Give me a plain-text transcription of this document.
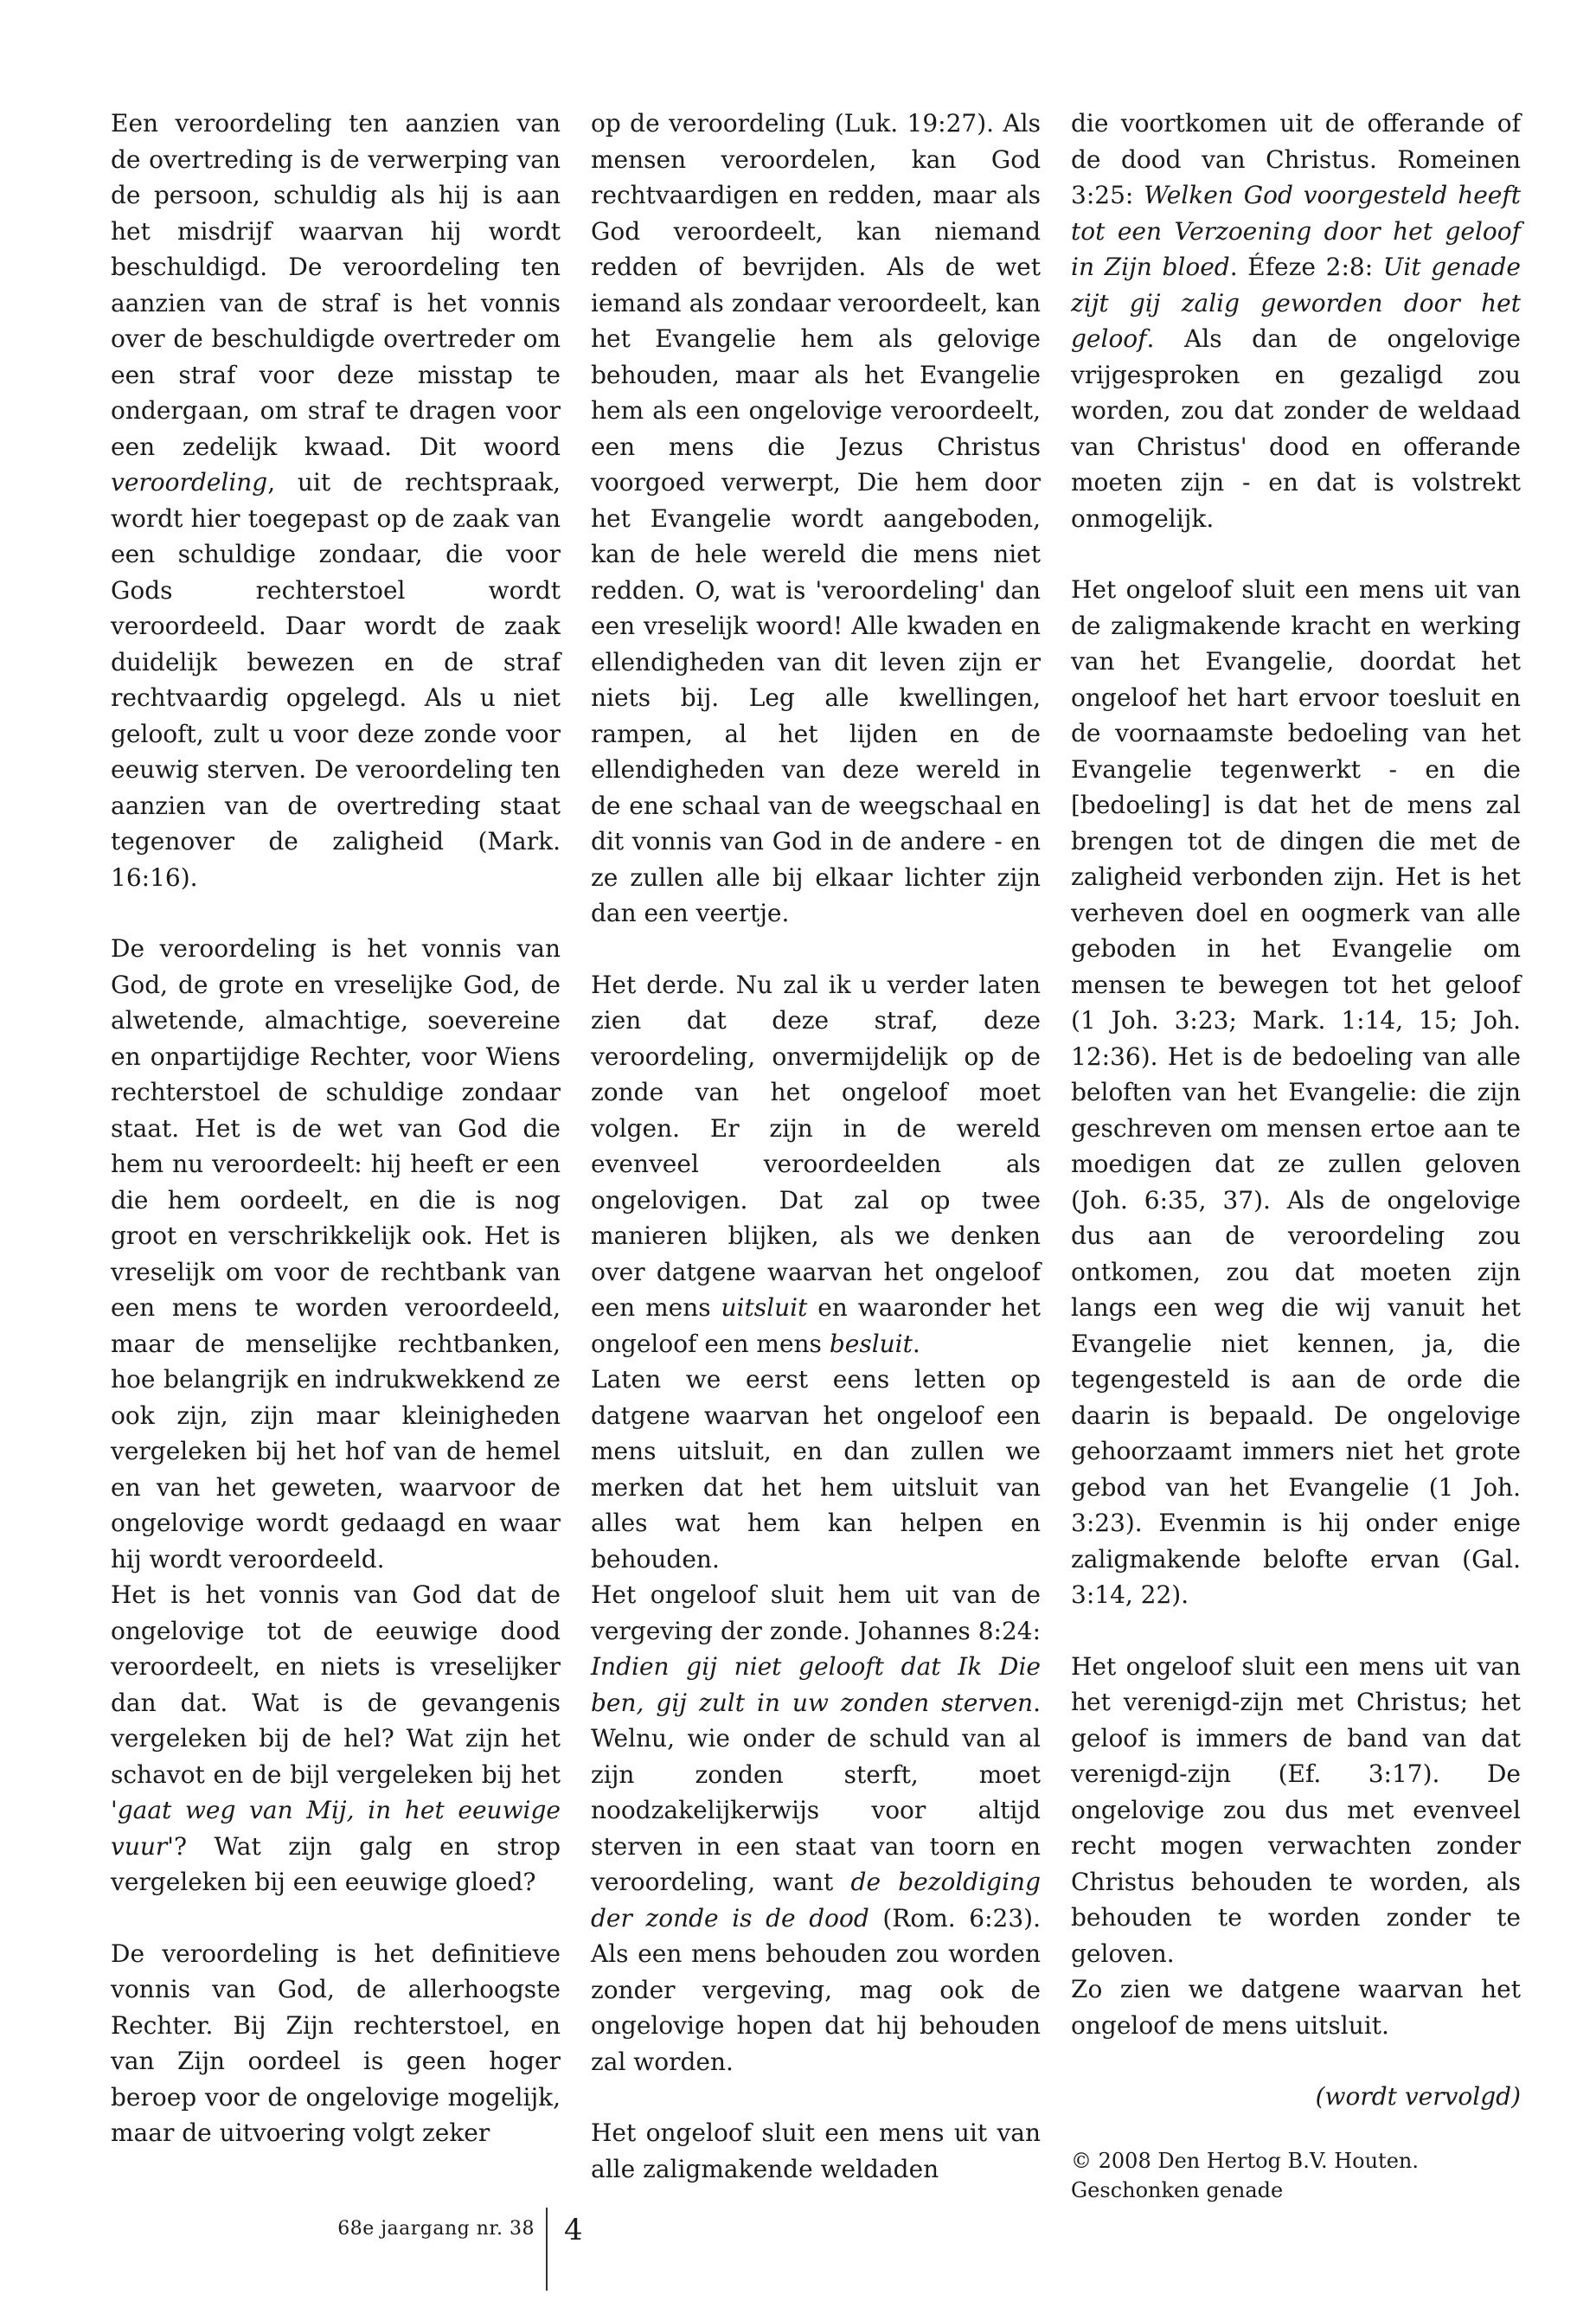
Een veroordeling ten aanzien van de overtreding is de verwerping van de persoon, schuldig als hij is aan het misdrijf waarvan hij wordt beschuldigd. De veroordeling ten aanzien van de straf is het vonnis over de beschuldigde overtreder om een straf voor deze misstap te ondergaan, om straf te dragen voor een zedelijk kwaad. Dit woord veroordeling, uit de rechtspraak, wordt hier toegepast op de zaak van een schuldige zondaar, die voor Gods rechterstoel wordt veroordeeld. Daar wordt de zaak duidelijk bewezen en de straf rechtvaardig opgelegd. Als u niet gelooft, zult u voor deze zonde voor eeuwig sterven. De veroordeling ten aanzien van de overtreding staat tegenover de zaligheid (Mark. 16:16).

De veroordeling is het vonnis van God, de grote en vreselijke God, de alwetende, almachtige, soevereine en onpartijdige Rechter, voor Wiens rechterstoel de schuldige zondaar staat. Het is de wet van God die hem nu veroordeelt: hij heeft er een die hem oordeelt, en die is nog groot en verschrikkelijk ook. Het is vreselijk om voor de rechtbank van een mens te worden veroordeeld, maar de menselijke rechtbanken, hoe belangrijk en indrukwekkend ze ook zijn, zijn maar kleinigheden vergeleken bij het hof van de hemel en van het geweten, waarvoor de ongelovige wordt gedaagd en waar hij wordt veroordeeld.

Het is het vonnis van God dat de ongelovige tot de eeuwige dood veroordeelt, en niets is vreselijker dan dat. Wat is de gevangenis vergeleken bij de hel? Wat zijn het schavot en de bijl vergeleken bij het 'gaat weg van Mij, in het eeuwige vuur'? Wat zijn galg en strop vergeleken bij een eeuwige gloed?

De veroordeling is het definitieve vonnis van God, de allerhoogste Rechter. Bij Zijn rechterstoel, en van Zijn oordeel is geen hoger beroep voor de ongelovige mogelijk, maar de uitvoering volgt zeker

op de veroordeling (Luk. 19:27). Als mensen veroordelen, kan God rechtvaardigen en redden, maar als God veroordeelt, kan niemand redden of bevrijden. Als de wet iemand als zondaar veroordeelt, kan het Evangelie hem als gelovige behouden, maar als het Evangelie hem als een ongelovige veroordeelt, een mens die Jezus Christus voorgoed verwerpt, Die hem door het Evangelie wordt aangeboden, kan de hele wereld die mens niet redden. O, wat is 'veroordeling' dan een vreselijk woord! Alle kwaden en ellendigheden van dit leven zijn er niets bij. Leg alle kwellingen, rampen, al het lijden en de ellendigheden van deze wereld in de ene schaal van de weegschaal en dit vonnis van God in de andere - en ze zullen alle bij elkaar lichter zijn dan een veertje.

Het derde. Nu zal ik u verder laten zien dat deze straf, deze veroordeling, onvermijdelijk op de zonde van het ongeloof moet volgen. Er zijn in de wereld evenveel veroordeelden als ongelovigen. Dat zal op twee manieren blijken, als we denken over datgene waarvan het ongeloof een mens uitsluit en waaronder het ongeloof een mens besluit.

Laten we eerst eens letten op datgene waarvan het ongeloof een mens uitsluit, en dan zullen we merken dat het hem uitsluit van alles wat hem kan helpen en behouden.

Het ongeloof sluit hem uit van de vergeving der zonde. Johannes 8:24: Indien gij niet gelooft dat Ik Die ben, gij zult in uw zonden sterven. Welnu, wie onder de schuld van al zijn zonden sterft, moet noodzakelijkerwijs voor altijd sterven in een staat van toorn en veroordeling, want de bezoldiging der zonde is de dood (Rom. 6:23). Als een mens behouden zou worden zonder vergeving, mag ook de ongelovige hopen dat hij behouden zal worden.

Het ongeloof sluit een mens uit van alle zaligmakende weldaden

die voortkomen uit de offerande of de dood van Christus. Romeinen 3:25: Welken God voorgesteld heeft tot een Verzoening door het geloof in Zijn bloed. Éfeze 2:8: Uit genade zijt gij zalig geworden door het geloof. Als dan de ongelovige vrijgesproken en gezaligd zou worden, zou dat zonder de weldaad van Christus' dood en offerande moeten zijn - en dat is volstrekt onmogelijk.

Het ongeloof sluit een mens uit van de zaligmakende kracht en werking van het Evangelie, doordat het ongeloof het hart ervoor toesluit en de voornaamste bedoeling van het Evangelie tegenwerkt - en die [bedoeling] is dat het de mens zal brengen tot de dingen die met de zaligheid verbonden zijn. Het is het verheven doel en oogmerk van alle geboden in het Evangelie om mensen te bewegen tot het geloof (1 Joh. 3:23; Mark. 1:14, 15; Joh. 12:36). Het is de bedoeling van alle beloften van het Evangelie: die zijn geschreven om mensen ertoe aan te moedigen dat ze zullen geloven (Joh. 6:35, 37). Als de ongelovige dus aan de veroordeling zou ontkomen, zou dat moeten zijn langs een weg die wij vanuit het Evangelie niet kennen, ja, die tegengesteld is aan de orde die daarin is bepaald. De ongelovige gehoorzaamt immers niet het grote gebod van het Evangelie (1 Joh. 3:23). Evenmin is hij onder enige zaligmakende belofte ervan (Gal. 3:14, 22).

Het ongeloof sluit een mens uit van het verenigd-zijn met Christus; het geloof is immers de band van dat verenigd-zijn (Ef. 3:17). De ongelovige zou dus met evenveel recht mogen verwachten zonder Christus behouden te worden, als behouden te worden zonder te geloven.

Zo zien we datgene waarvan het ongeloof de mens uitsluit.

(wordt vervolgd)

© 2008 Den Hertog B.V. Houten.
Geschonken genade

68e jaargang nr. 38 4
